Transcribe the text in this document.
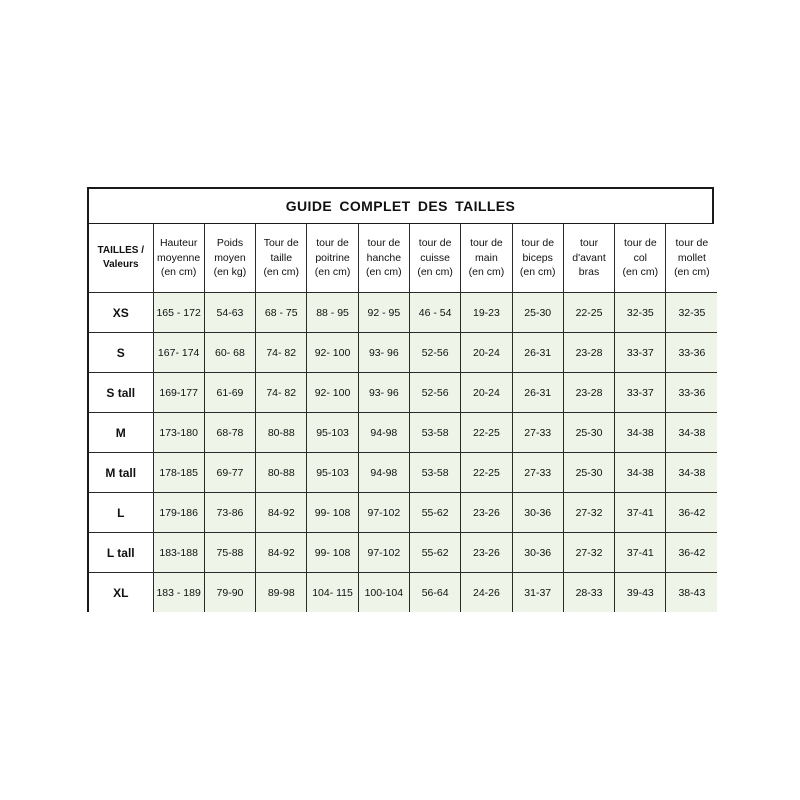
GUIDE COMPLET DES TAILLES
TAILLES /
Valeurs	Hauteur
moyenne
(en cm)	Poids
moyen
(en kg)	Tour de
taille
(en cm)	tour de
poitrine
(en cm)	tour de
hanche
(en cm)	tour de
cuisse
(en cm)	tour de
main
(en cm)	tour de
biceps
(en cm)	tour
d'avant
bras	tour de
col
(en cm)	tour de
mollet
(en cm)
XS	165 - 172	54-63	68 - 75	88 - 95	92 - 95	46 - 54	19-23	25-30	22-25	32-35	32-35
S	167- 174	60- 68	74- 82	92- 100	93- 96	52-56	20-24	26-31	23-28	33-37	33-36
S tall	169-177	61-69	74- 82	92- 100	93- 96	52-56	20-24	26-31	23-28	33-37	33-36
M	173-180	68-78	80-88	95-103	94-98	53-58	22-25	27-33	25-30	34-38	34-38
M tall	178-185	69-77	80-88	95-103	94-98	53-58	22-25	27-33	25-30	34-38	34-38
L	179-186	73-86	84-92	99- 108	97-102	55-62	23-26	30-36	27-32	37-41	36-42
L tall	183-188	75-88	84-92	99- 108	97-102	55-62	23-26	30-36	27-32	37-41	36-42
XL	183 - 189	79-90	89-98	104- 115	100-104	56-64	24-26	31-37	28-33	39-43	38-43
